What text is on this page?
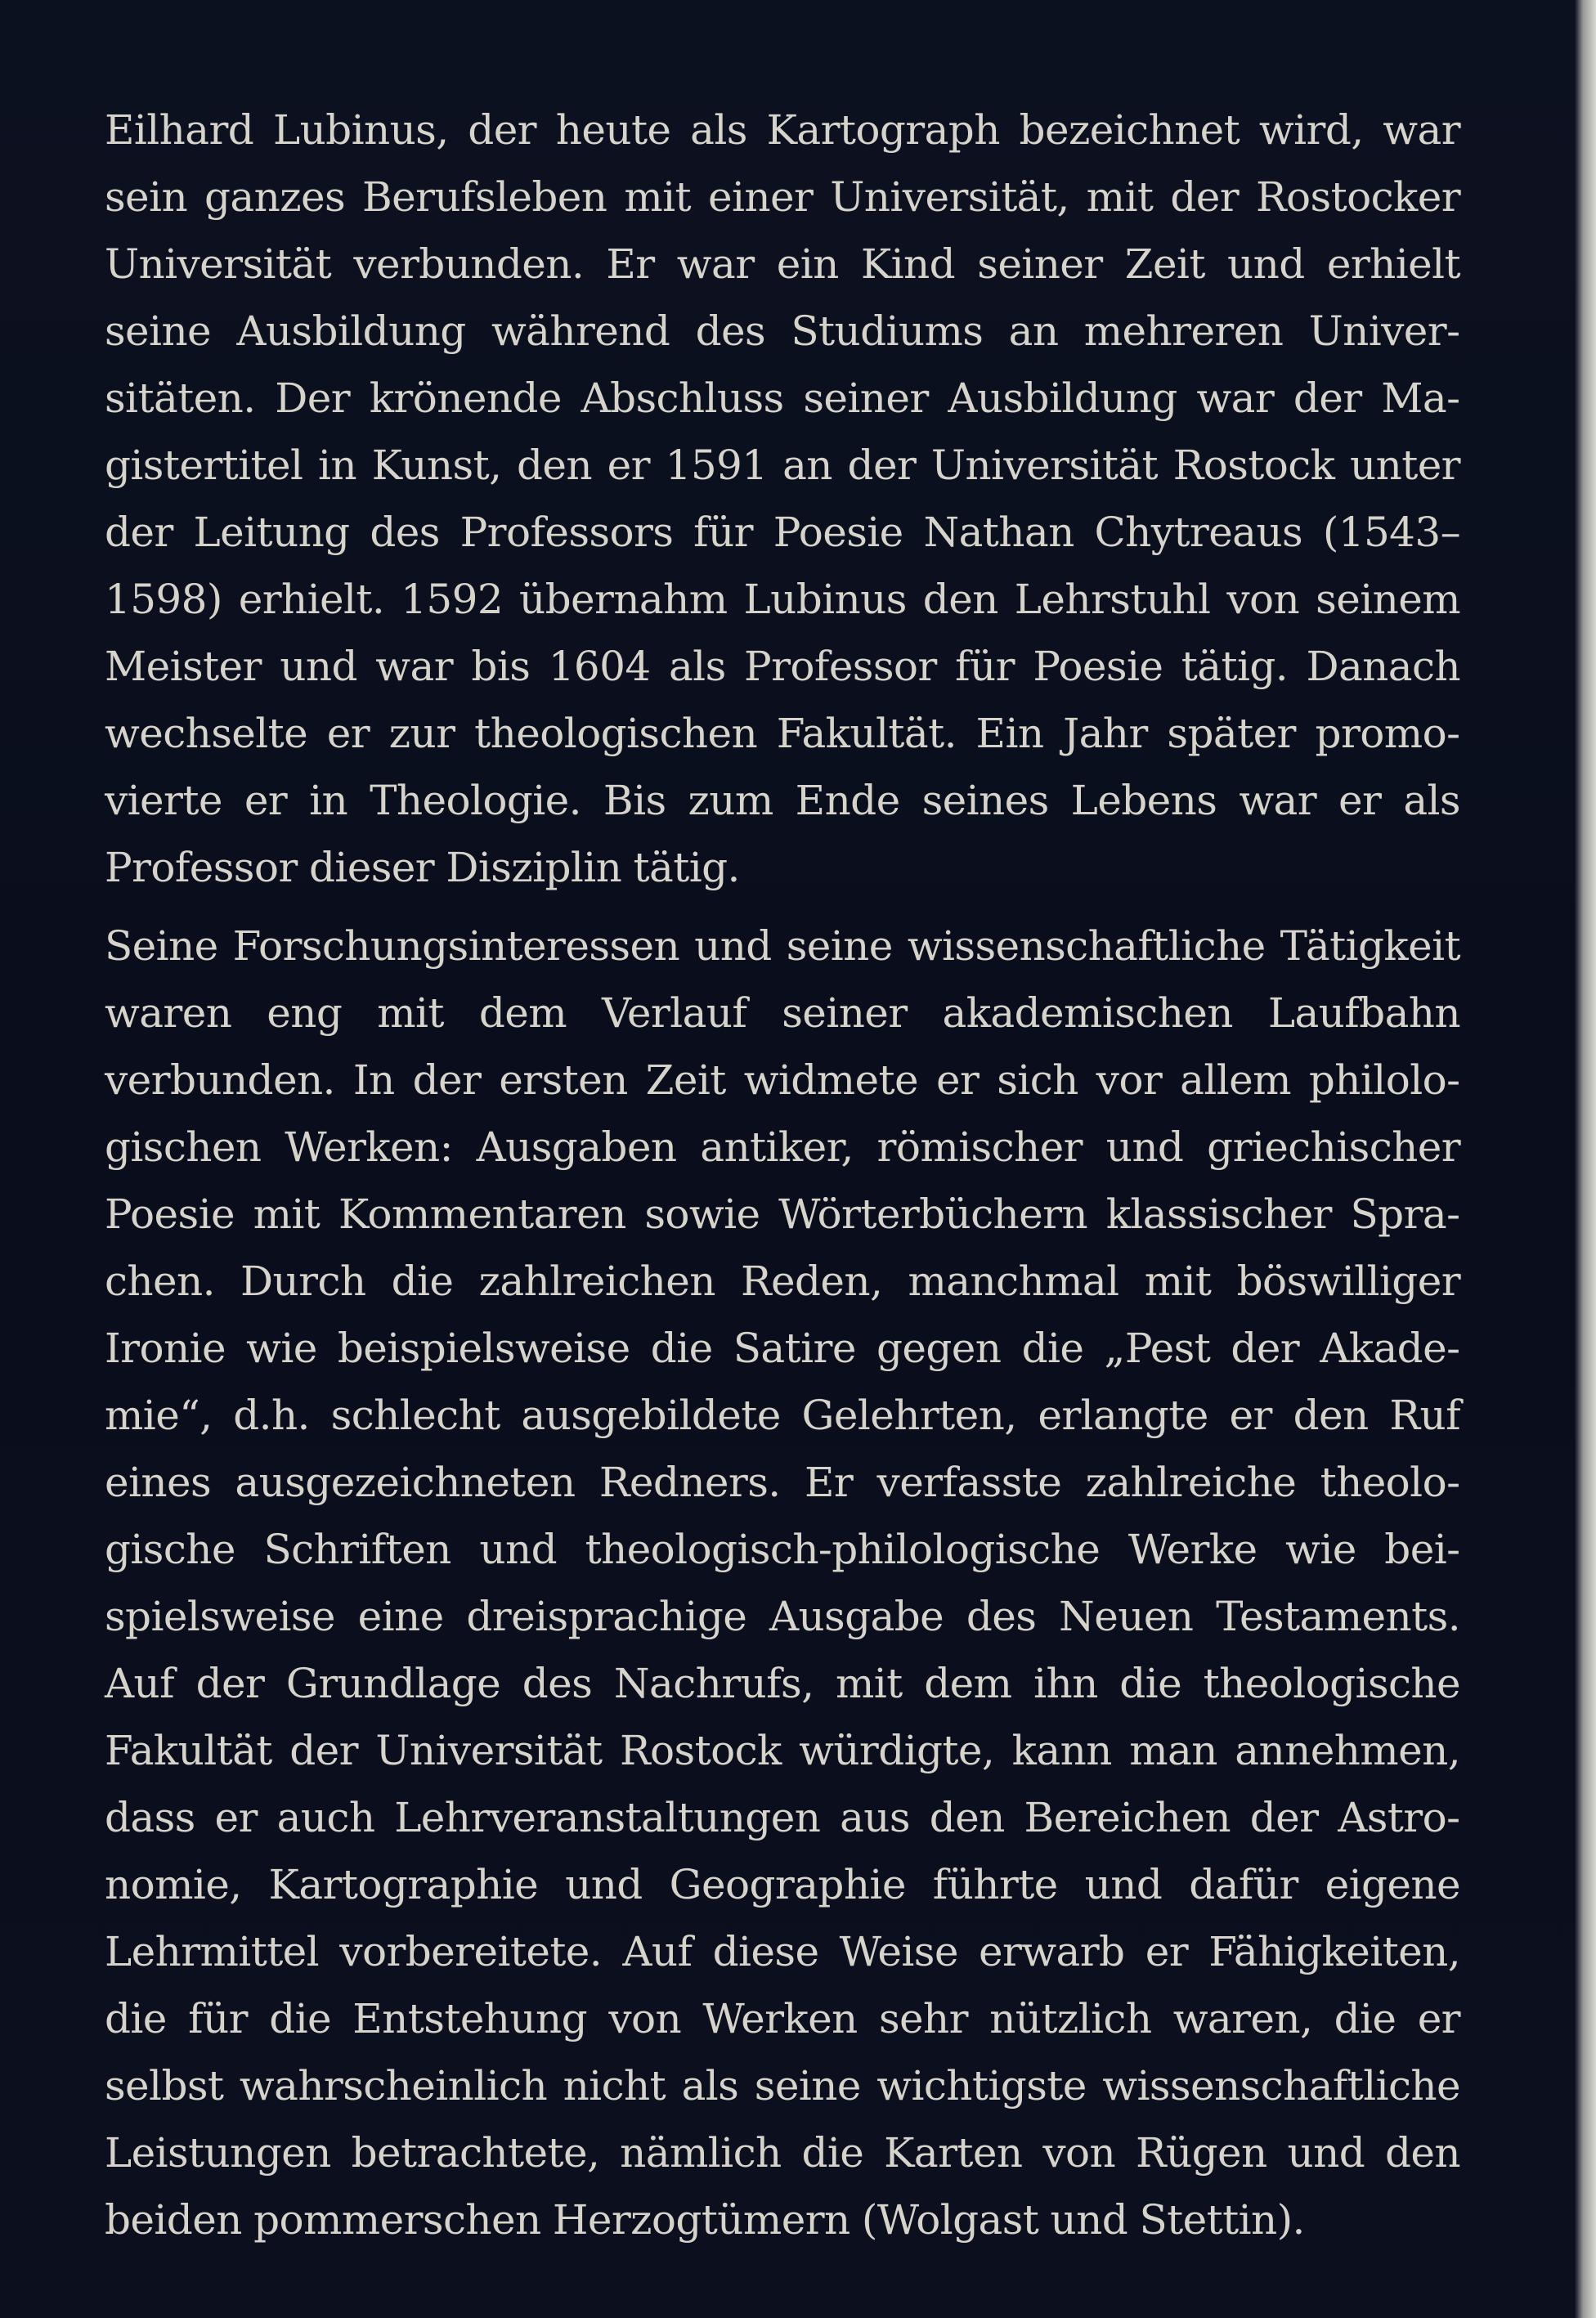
Eilhard Lubinus, der heute als Kartograph bezeichnet wird, war sein ganzes Berufsleben mit einer Universität, mit der Rostocker Universität verbunden. Er war ein Kind seiner Zeit und erhielt seine Ausbildung während des Studiums an mehreren Universitäten. Der krönende Abschluss seiner Ausbildung war der Magistertitel in Kunst, den er 1591 an der Universität Rostock unter der Leitung des Professors für Poesie Nathan Chytreaus (1543–1598) erhielt. 1592 übernahm Lubinus den Lehrstuhl von seinem Meister und war bis 1604 als Professor für Poesie tätig. Danach wechselte er zur theologischen Fakultät. Ein Jahr später promovierte er in Theologie. Bis zum Ende seines Lebens war er als Professor dieser Disziplin tätig.

Seine Forschungsinteressen und seine wissenschaftliche Tätigkeit waren eng mit dem Verlauf seiner akademischen Laufbahn verbunden. In der ersten Zeit widmete er sich vor allem philologischen Werken: Ausgaben antiker, römischer und griechischer Poesie mit Kommentaren sowie Wörterbüchern klassischer Sprachen. Durch die zahlreichen Reden, manchmal mit böswilliger Ironie wie beispielsweise die Satire gegen die „Pest der Akademie“, d.h. schlecht ausgebildete Gelehrten, erlangte er den Ruf eines ausgezeichneten Redners. Er verfasste zahlreiche theologische Schriften und theologisch-philologische Werke wie beispielsweise eine dreisprachige Ausgabe des Neuen Testaments. Auf der Grundlage des Nachrufs, mit dem ihn die theologische Fakultät der Universität Rostock würdigte, kann man annehmen, dass er auch Lehrveranstaltungen aus den Bereichen der Astronomie, Kartographie und Geographie führte und dafür eigene Lehrmittel vorbereitete. Auf diese Weise erwarb er Fähigkeiten, die für die Entstehung von Werken sehr nützlich waren, die er selbst wahrscheinlich nicht als seine wichtigste wissenschaftliche Leistungen betrachtete, nämlich die Karten von Rügen und den beiden pommerschen Herzogtümern (Wolgast und Stettin).
